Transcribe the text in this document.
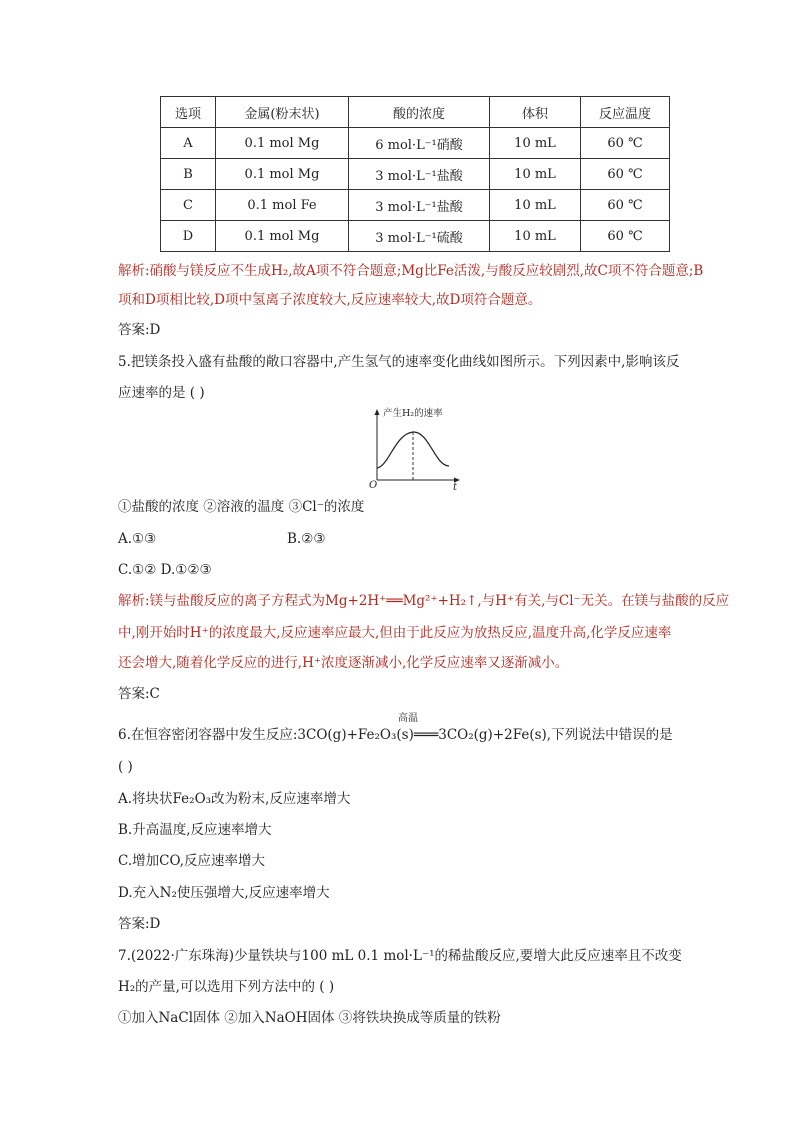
选项	金属(粉末状)	酸的浓度	体积	反应温度
A	0.1 mol Mg	6 mol·L⁻¹硝酸	10 mL	60 ℃
B	0.1 mol Mg	3 mol·L⁻¹盐酸	10 mL	60 ℃
C	0.1 mol Fe	3 mol·L⁻¹盐酸	10 mL	60 ℃
D	0.1 mol Mg	3 mol·L⁻¹硫酸	10 mL	60 ℃
解析:硝酸与镁反应不生成H₂,故A项不符合题意;Mg比Fe活泼,与酸反应较剧烈,故C项不符合题意;B
项和D项相比较,D项中氢离子浓度较大,反应速率较大,故D项符合题意。
答案:D
5.把镁条投入盛有盐酸的敞口容器中,产生氢气的速率变化曲线如图所示。下列因素中,影响该反
应速率的是 ( )
产生H₂的速率
O	t
①盐酸的浓度 ②溶液的温度 ③Cl⁻的浓度
A.①③	B.②③
C.①② D.①②③
解析:镁与盐酸反应的离子方程式为Mg+2H⁺══Mg²⁺+H₂↑,与H⁺有关,与Cl⁻无关。在镁与盐酸的反应
中,刚开始时H⁺的浓度最大,反应速率应最大,但由于此反应为放热反应,温度升高,化学反应速率
还会增大,随着化学反应的进行,H⁺浓度逐渐减小,化学反应速率又逐渐减小。
答案:C
高温
6.在恒容密闭容器中发生反应:3CO(g)+Fe₂O₃(s)═══3CO₂(g)+2Fe(s),下列说法中错误的是
( )
A.将块状Fe₂O₃改为粉末,反应速率增大
B.升高温度,反应速率增大
C.增加CO,反应速率增大
D.充入N₂使压强增大,反应速率增大
答案:D
7.(2022·广东珠海)少量铁块与100 mL 0.1 mol·L⁻¹的稀盐酸反应,要增大此反应速率且不改变
H₂的产量,可以选用下列方法中的 ( )
①加入NaCl固体 ②加入NaOH固体 ③将铁块换成等质量的铁粉
